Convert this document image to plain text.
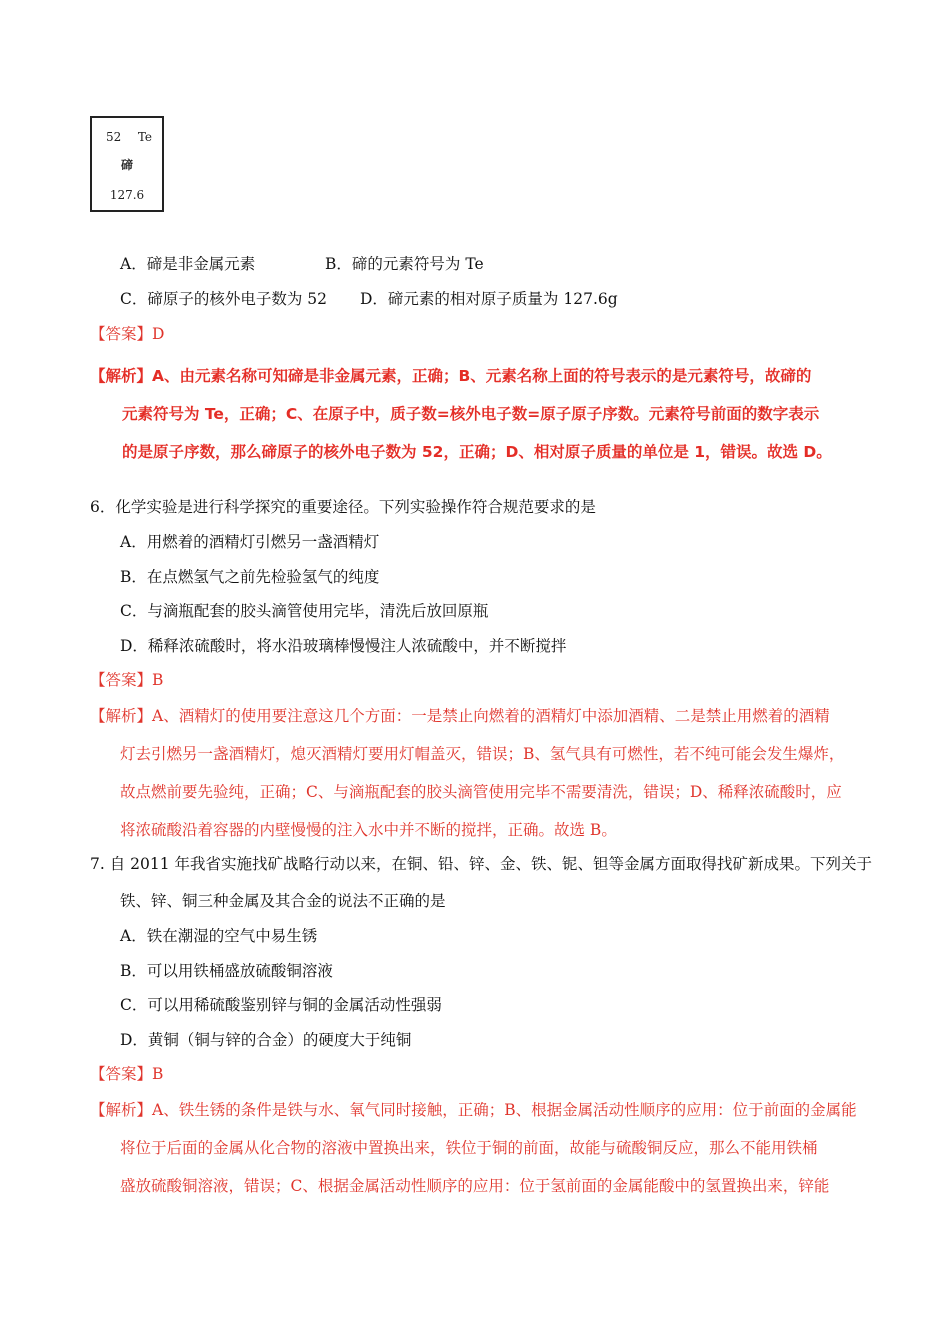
52 Te
碲
127.6
A．碲是非金属元素	B．碲的元素符号为 Te
C．碲原子的核外电子数为 52 D．碲元素的相对原子质量为 127.6g
【答案】D
【解析】A、由元素名称可知碲是非金属元素，正确；B、元素名称上面的符号表示的是元素符号，故碲的
元素符号为 Te，正确；C、在原子中，质子数=核外电子数=原子原子序数。元素符号前面的数字表示
的是原子序数，那么碲原子的核外电子数为 52，正确；D、相对原子质量的单位是 1，错误。故选 D。
6．化学实验是进行科学探究的重要途径。下列实验操作符合规范要求的是
A．用燃着的酒精灯引燃另一盏酒精灯
B．在点燃氢气之前先检验氢气的纯度
C．与滴瓶配套的胶头滴管使用完毕，清洗后放回原瓶
D．稀释浓硫酸时，将水沿玻璃棒慢慢注人浓硫酸中，并不断搅拌
【答案】B
【解析】A、酒精灯的使用要注意这几个方面：一是禁止向燃着的酒精灯中添加酒精、二是禁止用燃着的酒精
灯去引燃另一盏酒精灯，熄灭酒精灯要用灯帽盖灭，错误；B、氢气具有可燃性，若不纯可能会发生爆炸，
故点燃前要先验纯，正确；C、与滴瓶配套的胶头滴管使用完毕不需要清洗，错误；D、稀释浓硫酸时，应
将浓硫酸沿着容器的内壁慢慢的注入水中并不断的搅拌，正确。故选 B。
7. 自 2011 年我省实施找矿战略行动以来，在铜、铅、锌、金、铁、铌、钽等金属方面取得找矿新成果。下列关于
铁、锌、铜三种金属及其合金的说法不正确的是
A．铁在潮湿的空气中易生锈
B．可以用铁桶盛放硫酸铜溶液
C．可以用稀硫酸鉴别锌与铜的金属活动性强弱
D．黄铜（铜与锌的合金）的硬度大于纯铜
【答案】B
【解析】A、铁生锈的条件是铁与水、氧气同时接触，正确；B、根据金属活动性顺序的应用：位于前面的金属能
将位于后面的金属从化合物的溶液中置换出来，铁位于铜的前面，故能与硫酸铜反应，那么不能用铁桶
盛放硫酸铜溶液，错误；C、根据金属活动性顺序的应用：位于氢前面的金属能酸中的氢置换出来，锌能
